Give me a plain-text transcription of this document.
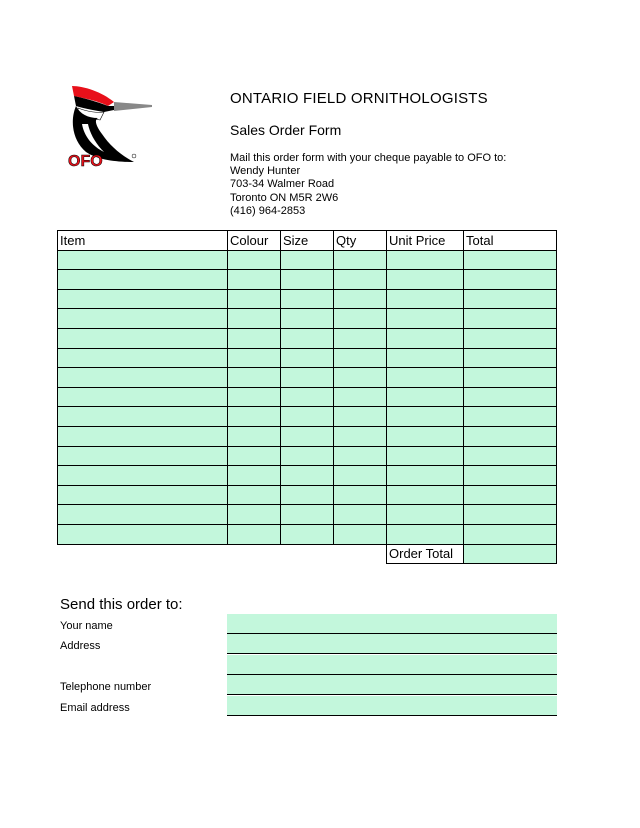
OFO
ONTARIO FIELD ORNITHOLOGISTS
Sales Order Form
Mail this order form with your cheque payable to OFO to:
Wendy Hunter
703-34 Walmer Road
Toronto ON M5R 2W6
(416) 964-2853
Item	Colour	Size	Qty	Unit Price	Total

				Order Total	
Send this order to:
Your name
Address
Telephone number
Email address
